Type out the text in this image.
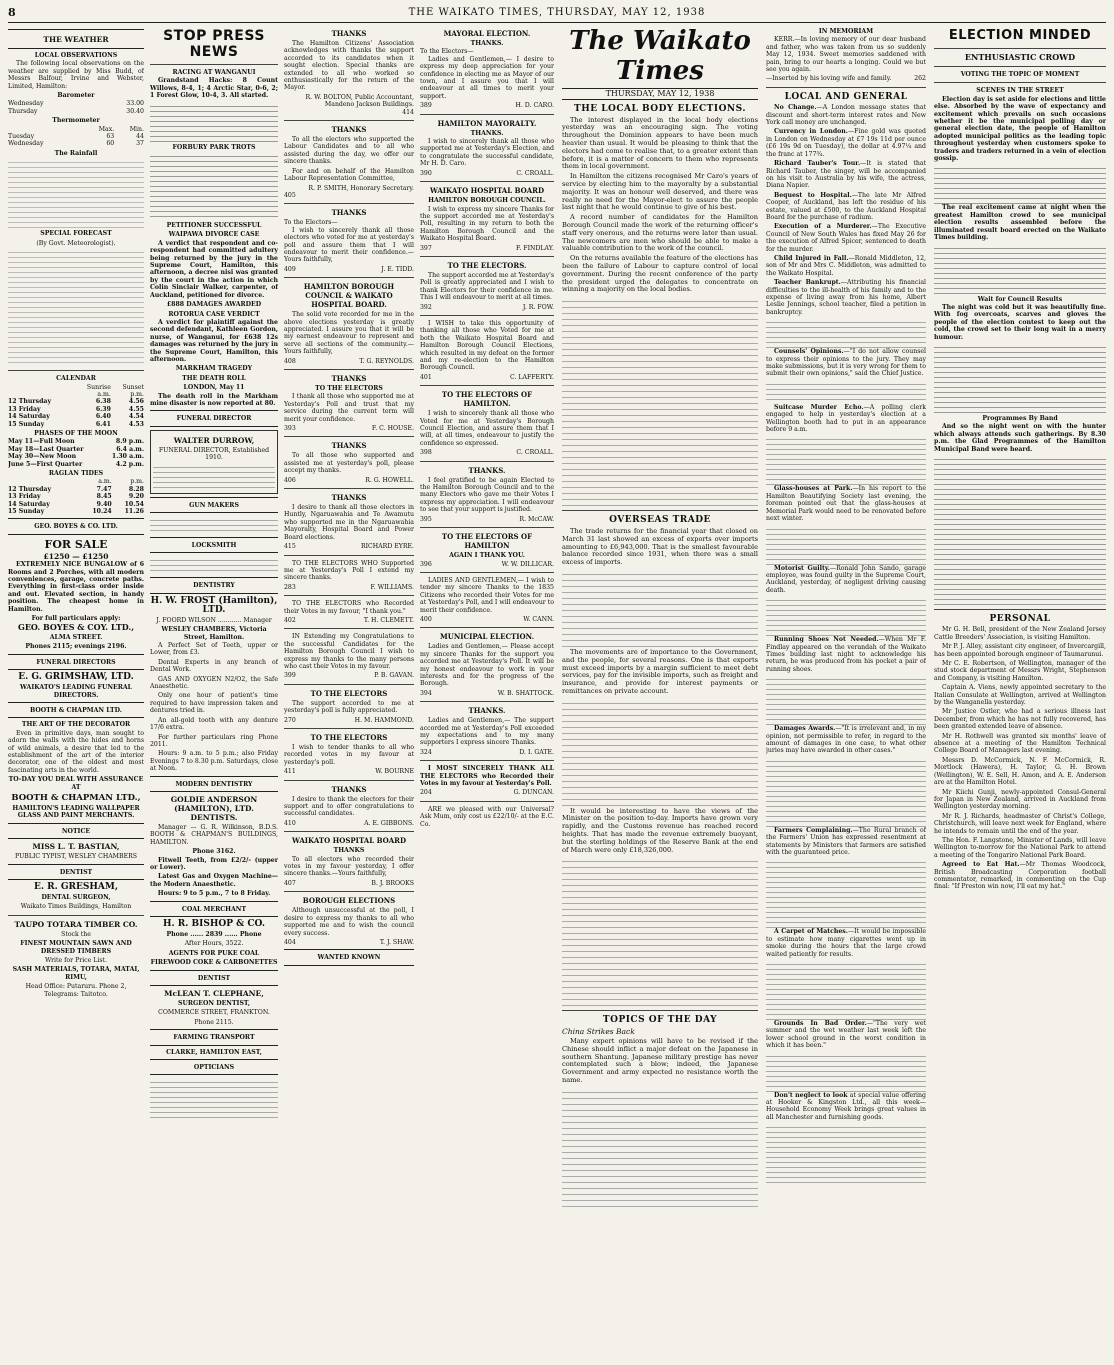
8	THE WAIKATO TIMES, THURSDAY, MAY 12, 1938
THE WEATHER
LOCAL OBSERVATIONS

The following local observations on the weather are supplied by Miss Budd, of Messrs Balfour, Irvine and Webster, Limited, Hamilton:

Barometer
Wednesday	33.00
Thursday	30.40
Thermometer
	Max.	Min.
Tuesday	63	44
Wednesday	60	37
The Rainfall
SPECIAL FORECAST
(By Govt. Meteorologist).
CALENDAR
	Sunrise	Sunset
	a.m.	p.m.
12 Thursday	6.38	4.56
13 Friday	6.39	4.55
14 Saturday	6.40	4.54
15 Sunday	6.41	4.53
PHASES OF THE MOON
May 11—Full Moon	8.9 p.m.
May 18—Last Quarter	6.4 a.m.
May 30—New Moon	1.30 a.m.
June 5—First Quarter	4.2 p.m.
RAGLAN TIDES
	a.m.	p.m.
12 Thursday	7.47	8.28
13 Friday	8.45	9.20
14 Saturday	9.40	10.54
15 Sunday	10.24	11.26
GEO. BOYES & CO. LTD.
FOR SALE
£1250 — £1250

EXTREMELY NICE BUNGALOW of 6 Rooms and 2 Porches, with all modern conveniences, garage, concrete paths. Everything in first-class order inside and out. Elevated section, in handy position. The cheapest home in Hamilton.

For full particulars apply:
GEO. BOYES & COY. LTD.,
ALMA STREET.
Phones 2115; evenings 2196.
FUNERAL DIRECTORS
E. G. GRIMSHAW, LTD.
WAIKATO'S LEADING FUNERAL DIRECTORS.
BOOTH & CHAPMAN LTD.
THE ART OF THE DECORATOR

Even in primitive days, man sought to adorn the walls with the hides and horns of wild animals, a desire that led to the establishment of the art of the interior decorator, one of the oldest and most fascinating arts in the world.

TO-DAY YOU DEAL WITH ASSURANCE AT
BOOTH & CHAPMAN LTD.,
HAMILTON'S LEADING WALLPAPER GLASS AND PAINT MERCHANTS.
NOTICE
MISS L. T. BASTIAN,
PUBLIC TYPIST, WESLEY CHAMBERS
DENTIST
E. R. GRESHAM,
DENTAL SURGEON,
Waikato Times Buildings, Hamilton
TAUPO TOTARA TIMBER CO.
Stock the
FINEST MOUNTAIN SAWN AND DRESSED TIMBERS
Write for Price List.
SASH MATERIALS, TOTARA, MATAI, RIMU,
Head Office: Putaruru. Phone 2, Telegrams: Taitotco.
STOP PRESS NEWS
RACING AT WANGANUI

Grandstand Hacks: 8 Count Willows, 8-4, 1; 4 Arctic Star, 0-6, 2; 1 Forest Glow, 10-4, 3. All started.

FORBURY PARK TROTS
PETITIONER SUCCESSFUL
WAIPAWA DIVORCE CASE

A verdict that respondent and co-respondent had committed adultery being returned by the jury in the Supreme Court, Hamilton, this afternoon, a decree nisi was granted by the court in the action in which Colin Sinclair Walker, carpenter, of Auckland, petitioned for divorce.

£888 DAMAGES AWARDED
ROTORUA CASE VERDICT

A verdict for plaintiff against the second defendant, Kathleen Gordon, nurse, of Wanganui, for £638 12s damages was returned by the jury in the Supreme Court, Hamilton, this afternoon.

MARKHAM TRAGEDY
THE DEATH ROLL
LONDON, May 11

The death roll in the Markham mine disaster is now reported at 80.

FUNERAL DIRECTOR
WALTER DURROW,
FUNERAL DIRECTOR, Established 1910.
GUN MAKERS
LOCKSMITH
DENTISTRY
H. W. FROST (Hamilton), LTD.
J. FOORD WILSON ............ Manager
WESLEY CHAMBERS, Victoria Street, Hamilton.

A Perfect Set of Teeth, upper or Lower, from £3.

Dental Experts in any branch of Dental Work.

GAS AND OXYGEN N2/O2, the Safe Anaesthetic.

Only one hour of patient's time required to have impression taken and dentures tried in.

An all-gold tooth with any denture 17/6 extra.

For further particulars ring Phone 2011.

Hours: 9 a.m. to 5 p.m.; also Friday Evenings 7 to 8.30 p.m. Saturdays, close at Noon.

MODERN DENTISTRY
GOLDIE ANDERSON (HAMILTON), LTD. DENTISTS.

Manager — G. R. Wilkinson, B.D.S. BOOTH & CHAPMAN'S BUILDINGS, HAMILTON.

Phone 3162.

Fitwell Teeth, from £2/2/- (upper or Lower).

Latest Gas and Oxygen Machine—the Modern Anaesthetic.

Hours: 9 to 5 p.m., 7 to 8 Friday.
COAL MERCHANT
H. R. BISHOP & CO.
Phone ...... 2839 ...... Phone
After Hours, 3522.
AGENTS FOR PUKE COAL
FIREWOOD COKE & CARBONETTES
DENTIST
McLEAN T. CLEPHANE,
SURGEON DENTIST,
COMMERCE STREET, FRANKTON.
Phone 2115.
FARMING TRANSPORT
CLARKE, HAMILTON EAST,
OPTICIANS
THANKS

The Hamilton Citizens' Association acknowledges with thanks the support accorded to its candidates when it sought election. Special thanks are extended to all who worked so enthusiastically for the return of the Mayor.

R. W. BOLTON, Public Accountant, Mandeno Jackson Buildings.
414
THANKS

To all the electors who supported the Labour Candidates and to all who assisted during the day, we offer our sincere thanks.

For and on behalf of the Hamilton Labour Representation Committee,

R. P. SMITH, Honorary Secretary.
405
THANKS
To the Electors—

I wish to sincerely thank all those electors who voted for me at yesterday's poll and assure them that I will endeavour to merit their confidence.—Yours faithfully,

409	J. E. TIDD.
HAMILTON BOROUGH COUNCIL & WAIKATO HOSPITAL BOARD.

The solid vote recorded for me in the above elections yesterday is greatly appreciated. I assure you that it will be my earnest endeavour to represent and serve all sections of the community.—Yours faithfully,

408	T. G. REYNOLDS.
THANKS
TO THE ELECTORS

I thank all those who supported me at Yesterday's Poll and trust that my service during the current term will merit your confidence.

393	F. C. HOUSE.
THANKS

To all those who supported and assisted me at yesterday's poll, please accept my thanks.

406	R. G. HOWELL.
THANKS

I desire to thank all those electors in Huntly, Ngaruawahia and Te Awamutu who supported me in the Ngaruawahia Mayoralty, Hospital Board and Power Board elections.

415	RICHARD EYRE.

TO THE ELECTORS WHO Supported me at Yesterday's Poll I extend my sincere thanks.

283	F. WILLIAMS.

TO THE ELECTORS who Recorded their Votes in my favour, "I thank you."

402	T. H. CLEMETT.

IN Extending my Congratulations to the successful Candidates for the Hamilton Borough Council I wish to express my thanks to the many persons who cast their Votes in my favour.

399	P. B. GAVAN.
TO THE ELECTORS

The support accorded to me at yesterday's poll is fully appreciated.

270	H. M. HAMMOND.
TO THE ELECTORS

I wish to tender thanks to all who recorded votes in my favour at yesterday's poll.

411	W. BOURNE
THANKS

I desire to thank the electors for their support and to offer congratulations to successful candidates.

410	A. E. GIBBONS.
WAIKATO HOSPITAL BOARD
THANKS

To all electors who recorded their votes in my favour yesterday, I offer sincere thanks.—Yours faithfully,

407	B. J. BROOKS
BOROUGH ELECTIONS

Although unsuccessful at the poll, I desire to express my thanks to all who supported me and to wish the council every success.

404	T. J. SHAW.
WANTED KNOWN
MAYORAL ELECTION.
THANKS.
To the Electors—

Ladies and Gentlemen,— I desire to express my deep appreciation for your confidence in electing me as Mayor of our town, and I assure you that I will endeavour at all times to merit your support.

389	H. D. CARO.
HAMILTON MAYORALTY.
THANKS.

I wish to sincerely thank all those who supported me at Yesterday's Election, and to congratulate the successful candidate, Mr H. D. Caro.

390	C. CROALL.
WAIKATO HOSPITAL BOARD
HAMILTON BOROUGH COUNCIL.

I wish to express my sincere Thanks for the support accorded me at Yesterday's Poll, resulting in my return to both the Hamilton Borough Council and the Waikato Hospital Board.

397	F. FINDLAY.
TO THE ELECTORS.

The support accorded me at Yesterday's Poll is greatly appreciated and I wish to thank Electors for their confidence in me. This I will endeavour to merit at all times.

392	J. R. FOW.

I WISH to take this opportunity of thanking all those who Voted for me at both the Waikato Hospital Board and Hamilton Borough Council Elections, which resulted in my defeat on the former and my re-election to the Hamilton Borough Council.

401	C. LAFFERTY.
TO THE ELECTORS OF HAMILTON.

I wish to sincerely thank all those who Voted for me at Yesterday's Borough Council Election, and assure them that I will, at all times, endeavour to justify the confidence so expressed.

398	C. CROALL.
THANKS.

I feel gratified to be again Elected to the Hamilton Borough Council and to the many Electors who gave me their Votes I express my appreciation. I will endeavour to see that your support is justified.

395	R. McCAW.
TO THE ELECTORS OF HAMILTON
AGAIN I THANK YOU.
396	W. W. DILLICAR.

LADIES AND GENTLEMEN,— I wish to tender my sincere Thanks to the 1835 Citizens who recorded their Votes for me at Yesterday's Poll, and I will endeavour to merit their confidence.

400	W. CANN.
MUNICIPAL ELECTION.

Ladies and Gentlemen,— Please accept my sincere Thanks for the support you accorded me at Yesterday's Poll. It will be my honest endeavour to work in your interests and for the progress of the Borough.

394	W. B. SHATTOCK.
THANKS.

Ladies and Gentlemen,— The support accorded me at Yesterday's Poll exceeded my expectations and to my many supporters I express sincere Thanks.

324	D. I. GATE.

I MOST SINCERELY THANK ALL THE ELECTORS who Recorded their Votes in my favour at Yesterday's Poll.

204	G. DUNCAN.

ARE we pleased with our Universal? Ask Mum, only cost us £22/10/- at the E.C. Co.

The Waikato Times
THURSDAY, MAY 12, 1938
THE LOCAL BODY ELECTIONS.

The interest displayed in the local body elections yesterday was an encouraging sign. The voting throughout the Dominion appears to have been much heavier than usual. It would be pleasing to think that the electors had come to realise that, to a greater extent than before, it is a matter of concern to them who represents them in local government.

In Hamilton the citizens recognised Mr Caro's years of service by electing him to the mayoralty by a substantial majority. It was an honour well deserved, and there was really no need for the Mayor-elect to assure the people last night that he would continue to give of his best.

A record number of candidates for the Hamilton Borough Council made the work of the returning officer's staff very onerous, and the returns were later than usual. The newcomers are men who should be able to make a valuable contribution to the work of the council.

On the returns available the feature of the elections has been the failure of Labour to capture control of local government. During the recent conference of the party the president urged the delegates to concentrate on winning a majority on the local bodies.

OVERSEAS TRADE

The trade returns for the financial year that closed on March 31 last showed an excess of exports over imports amounting to £6,943,000. That is the smallest favourable balance recorded since 1931, when there was a small excess of imports.

The movements are of importance to the Government, and the people, for several reasons. One is that exports must exceed imports by a margin sufficient to meet debt services, pay for the invisible imports, such as freight and insurance, and provide for interest payments or remittances on private account.

It would be interesting to have the views of the Minister on the position to-day. Imports have grown very rapidly, and the Customs revenue has reached record heights. That has made the revenue extremely buoyant, but the sterling holdings of the Reserve Bank at the end of March were only £18,326,000.

TOPICS OF THE DAY
China Strikes Back

Many expert opinions will have to be revised if the Chinese should inflict a major defeat on the Japanese in southern Shantung. Japanese military prestige has never contemplated such a blow; indeed, the Japanese Government and army expected no resistance worth the name.

IN MEMORIAM

KERR.—In loving memory of our dear husband and father, who was taken from us so suddenly May 12, 1934. Sweet memories saddened with pain, bring to our hearts a longing. Could we but see you again.

—Inserted by his loving wife and family.	262
LOCAL AND GENERAL

No Change.—A London message states that discount and short-term interest rates and New York call money are unchanged.

Currency in London.—Fine gold was quoted in London on Wednesday at £7 19s 11d per ounce (£6 19s 9d on Tuesday), the dollar at 4.97¼ and the franc at 177¾.

Richard Tauber's Tour.—It is stated that Richard Tauber, the singer, will be accompanied on his visit to Australia by his wife, the actress, Diana Napier.

Bequest to Hospital.—The late Mr Alfred Cooper, of Auckland, has left the residue of his estate, valued at £500, to the Auckland Hospital Board for the purchase of radium.

Execution of a Murderer.—The Executive Council of New South Wales has fixed May 26 for the execution of Alfred Spicer, sentenced to death for the murder.

Child Injured in Fall.—Ronald Middleton, 12, son of Mr and Mrs C. Middleton, was admitted to the Waikato Hospital.

Teacher Bankrupt.—Attributing his financial difficulties to the ill-health of his family and to the expense of living away from his home, Albert Leslie Jennings, school teacher, filed a petition in bankruptcy.

Counsels' Opinions.—"I do not allow counsel to express their opinions to the jury. They may make submissions, but it is very wrong for them to submit their own opinions," said the Chief Justice.

Suitcase Murder Echo.—A polling clerk engaged to help in yesterday's election at a Wellington booth had to put in an appearance before 9 a.m.

Glass-houses at Park.—In his report to the Hamilton Beautifying Society last evening, the foreman pointed out that the glass-houses at Memorial Park would need to be renovated before next winter.

Motorist Guilty.—Ronald John Sando, garage employee, was found guilty in the Supreme Court, Auckland, yesterday, of negligent driving causing death.

Running Shoes Not Needed.—When Mr F. Findlay appeared on the verandah of the Waikato Times building last night to acknowledge his return, he was produced from his pocket a pair of running shoes.

Damages Awards.—"It is irrelevant and, in my opinion, not permissible to refer, in regard to the amount of damages in one case, to what other juries may have awarded in other cases."

Farmers Complaining.—The Rural branch of the Farmers' Union has expressed resentment at statements by Ministers that farmers are satisfied with the guaranteed price.

A Carpet of Matches.—It would be impossible to estimate how many cigarettes went up in smoke during the hours that the large crowd waited patiently for results.

Grounds In Bad Order.—"The very wet summer and the wet weather last week left the lower school ground in the worst condition in which it has been."

Don't neglect to look at special value offering at Hooker & Kingston Ltd., all this week—Household Economy Week brings great values in all Manchester and furnishing goods.

ELECTION MINDED
ENTHUSIASTIC CROWD
VOTING THE TOPIC OF MOMENT
SCENES IN THE STREET

Election day is set aside for elections and little else. Absorbed by the wave of expectancy and excitement which prevails on such occasions whether it be the municipal polling day or general election date, the people of Hamilton adopted municipal politics as the leading topic throughout yesterday when customers spoke to traders and traders returned in a vein of election gossip.

The real excitement came at night when the greatest Hamilton crowd to see municipal election results assembled before the illuminated result board erected on the Waikato Times building.

Wait for Council Results

The night was cold but it was beautifully fine. With fog overcoats, scarves and gloves the people of the election contest to keep out the cold, the crowd set to their long wait in a merry humour.

Programmes By Band

And so the night went on with the hunter which always attends such gatherings. By 8.30 p.m. the Glad Programmes of the Hamilton Municipal Band were heard.

PERSONAL

Mr G. H. Bell, president of the New Zealand Jersey Cattle Breeders' Association, is visiting Hamilton.

Mr P. J. Alley, assistant city engineer, of Invercargill, has been appointed borough engineer of Taumarunui.

Mr C. E. Robertson, of Wellington, manager of the stud stock department of Messrs Wright, Stephenson and Company, is visiting Hamilton.

Captain A. Viens, newly appointed secretary to the Italian Consulate at Wellington, arrived at Wellington by the Wanganella yesterday.

Mr Justice Ostler, who had a serious illness last December, from which he has not fully recovered, has been granted extended leave of absence.

Mr H. Rothwell was granted six months' leave of absence at a meeting of the Hamilton Technical College Board of Managers last evening.

Messrs D. McCormick, N. F. McCormick, R. Mortlock (Hawera), H. Taylor, G. H. Brown (Wellington), W. E. Sell, H. Amon, and A. E. Anderson are at the Hamilton Hotel.

Mr Kiichi Gunji, newly-appointed Consul-General for Japan in New Zealand, arrived in Auckland from Wellington yesterday morning.

Mr R. J. Richards, headmaster of Christ's College, Christchurch, will leave next week for England, where he intends to remain until the end of the year.

The Hon. F. Langstone, Minister of Lands, will leave Wellington to-morrow for the National Park to attend a meeting of the Tongariro National Park Board.

Agreed to Eat Hat.—Mr Thomas Woodcock, British Broadcasting Corporation football commentator, remarked, in commenting on the Cup final: "If Preston win now, I'll eat my hat."
